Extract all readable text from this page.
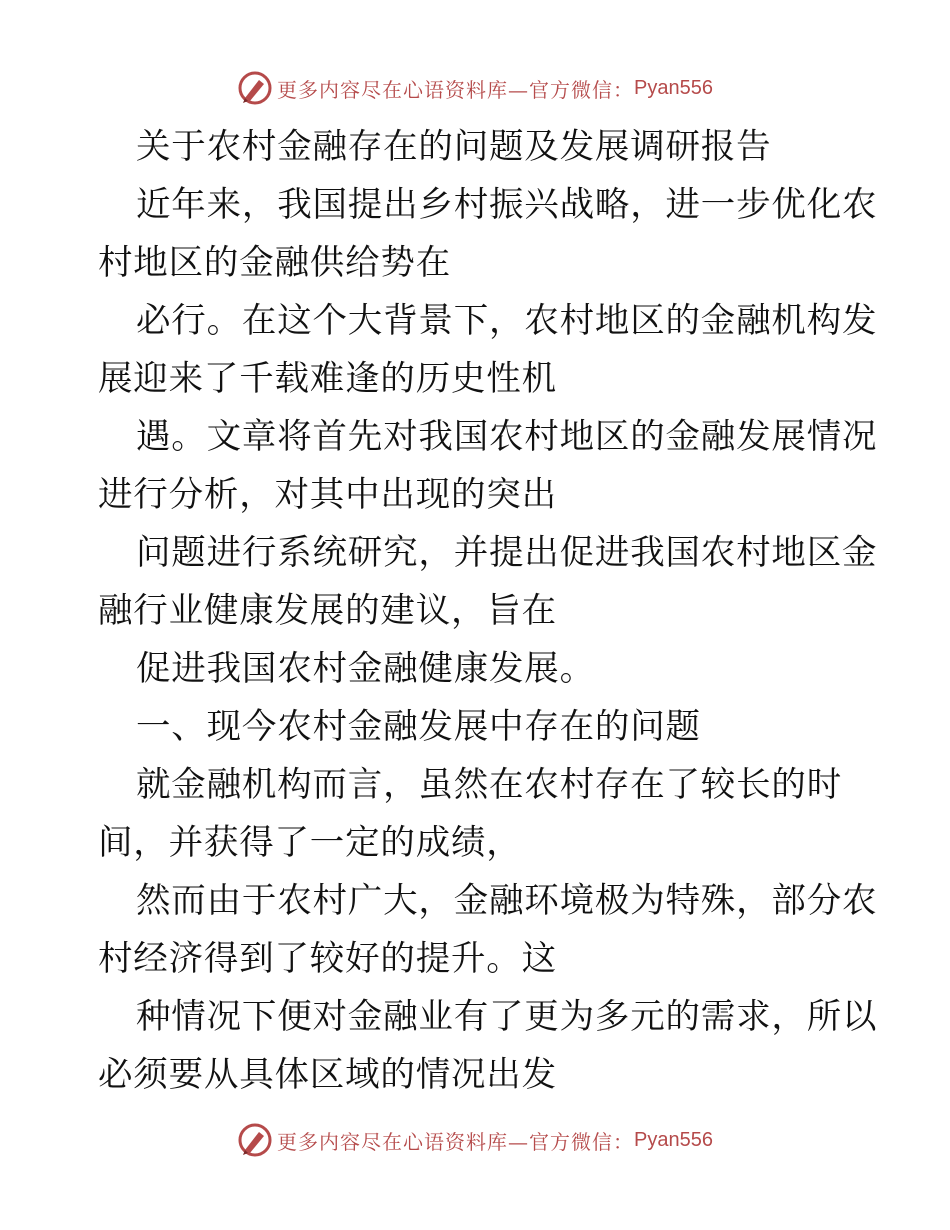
更多内容尽在心语资料库—官方微信： Pyan556
关于农村金融存在的问题及发展调研报告
近年来，我国提出乡村振兴战略，进一步优化农
村地区的金融供给势在
必行。在这个大背景下，农村地区的金融机构发
展迎来了千载难逢的历史性机
遇。文章将首先对我国农村地区的金融发展情况
进行分析，对其中出现的突出
问题进行系统研究，并提出促进我国农村地区金
融行业健康发展的建议，旨在
促进我国农村金融健康发展。
一、现今农村金融发展中存在的问题
就金融机构而言，虽然在农村存在了较长的时
间，并获得了一定的成绩，
然而由于农村广大，金融环境极为特殊，部分农
村经济得到了较好的提升。这
种情况下便对金融业有了更为多元的需求，所以
必须要从具体区域的情况出发
更多内容尽在心语资料库—官方微信： Pyan556
